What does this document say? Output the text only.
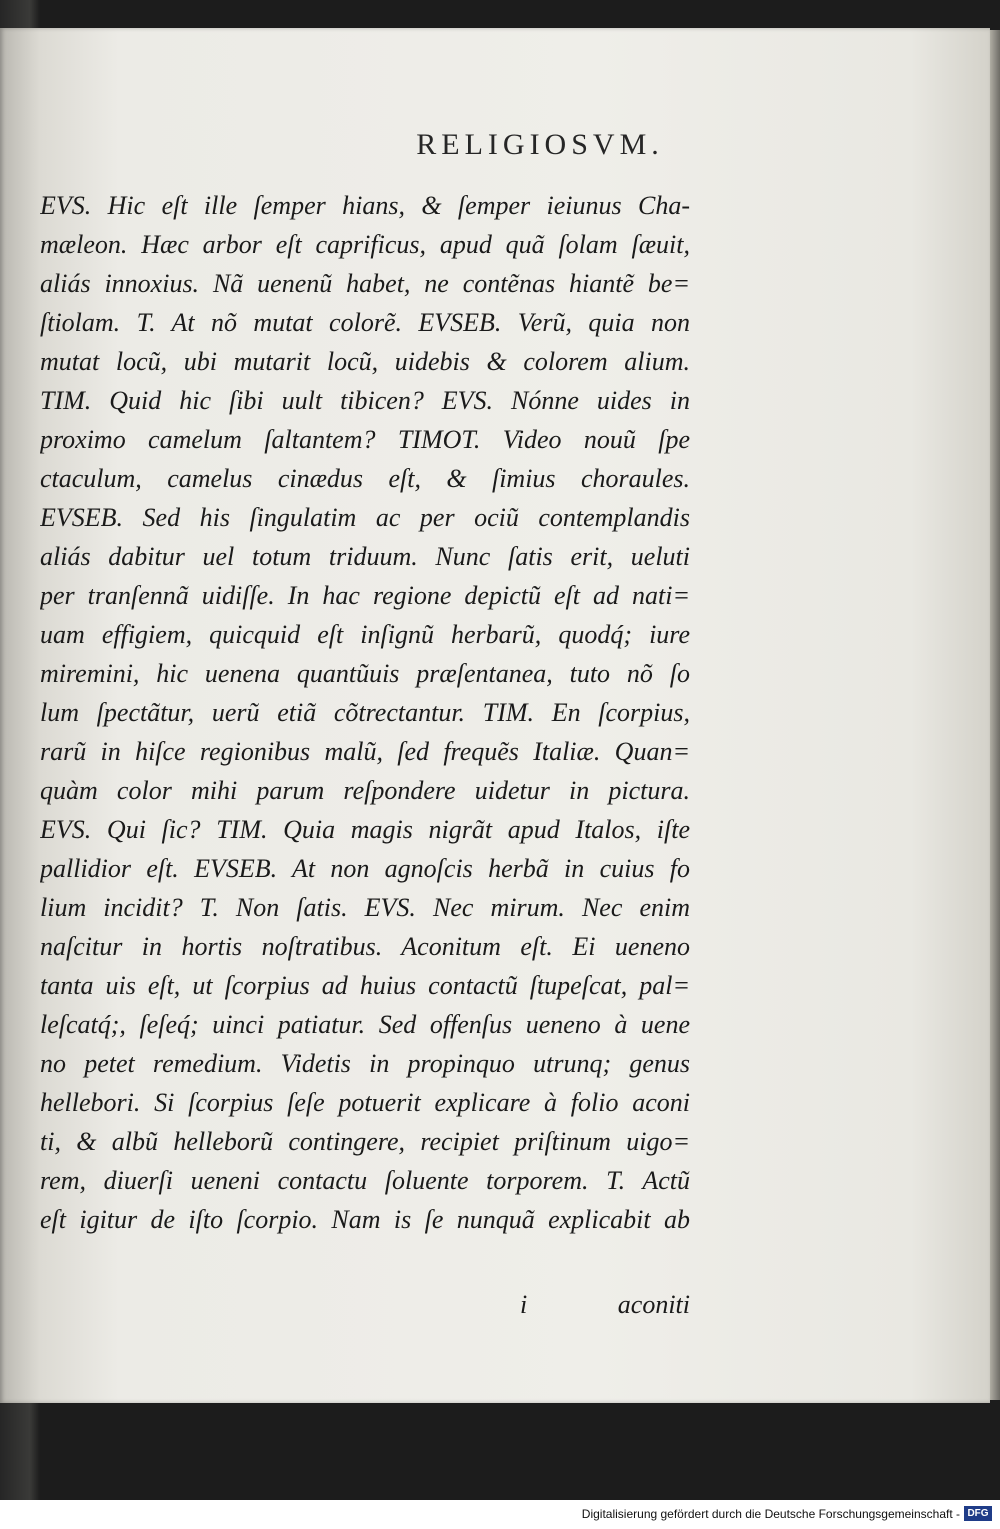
RELIGIOSVM.
EVS. Hic eſt ille ſemper hians, & ſemper ieiunus Cha-
mæleon. Hæc arbor eſt caprificus, apud quã ſolam ſæuit,
aliás innoxius. Nã uenenũ habet, ne contẽnas hiantẽ be=
ſtiolam. T. At nõ mutat colorẽ. EVSEB. Verũ, quia non
mutat locũ, ubi mutarit locũ, uidebis & colorem alium.
TIM. Quid hic ſibi uult tibicen? EVS. Nónne uides in
proximo camelum ſaltantem? TIMOT. Video nouũ ſpe
ctaculum, camelus cinædus eſt, & ſimius choraules.
EVSEB. Sed his ſingulatim ac per ociũ contemplandis
aliás dabitur uel totum triduum. Nunc ſatis erit, ueluti
per tranſennã uidiſſe. In hac regione depictũ eſt ad nati=
uam effigiem, quicquid eſt inſignũ herbarũ, quodq́; iure
miremini, hic uenena quantũuis præſentanea, tuto nõ ſo
lum ſpectãtur, uerũ etiã cõtrectantur. TIM. En ſcorpius,
rarũ in hiſce regionibus malũ, ſed frequẽs Italiæ. Quan=
quàm color mihi parum reſpondere uidetur in pictura.
EVS. Qui ſic? TIM. Quia magis nigrãt apud Italos, iſte
pallidior eſt. EVSEB. At non agnoſcis herbã in cuius fo
lium incidit? T. Non ſatis. EVS. Nec mirum. Nec enim
naſcitur in hortis noſtratibus. Aconitum eſt. Ei ueneno
tanta uis eſt, ut ſcorpius ad huius contactũ ſtupeſcat, pal=
leſcatq́;, ſeſeq́; uinci patiatur. Sed offenſus ueneno à uene
no petet remedium. Videtis in propinquo utrunq; genus
hellebori. Si ſcorpius ſeſe potuerit explicare à folio aconi
ti, & albũ helleborũ contingere, recipiet priſtinum uigo=
rem, diuerſi ueneni contactu ſoluente torporem. T. Actũ
eſt igitur de iſto ſcorpio. Nam is ſe nunquã explicabit ab
i	aconiti
Digitalisierung gefördert durch die Deutsche Forschungsgemeinschaft - DFG
